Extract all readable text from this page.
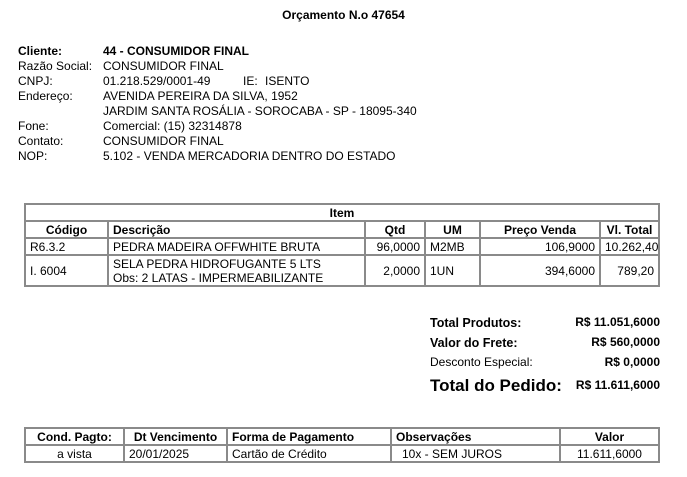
Orçamento N.o 47654
Cliente:	44 - CONSUMIDOR FINAL
Razão Social: CONSUMIDOR FINAL
CNPJ:	01.218.529/0001-49	IE: ISENTO
Endereço:	AVENIDA PEREIRA DA SILVA, 1952
JARDIM SANTA ROSÁLIA - SOROCABA - SP - 18095-340
Fone:	Comercial: (15) 32314878
Contato:	CONSUMIDOR FINAL
NOP:	5.102 - VENDA MERCADORIA DENTRO DO ESTADO
Item					
Código	Descrição	Qtd	UM	Preço Venda	Vl. Total
R6.3.2	PEDRA MADEIRA OFFWHITE BRUTA	96,0000	M2MB	106,9000	10.262,40
I. 6004	SELA PEDRA HIDROFUGANTE 5 LTS
Obs: 2 LATAS - IMPERMEABILIZANTE	2,0000	1UN	394,6000	789,20
Total Produtos:	R$ 11.051,6000
Valor do Frete:	R$ 560,0000
Desconto Especial:	R$ 0,0000
Total do Pedido: R$ 11.611,6000
Cond. Pagto:	Dt Vencimento	Forma de Pagamento	Observações	Valor
a vista	20/01/2025	Cartão de Crédito	10x - SEM JUROS	11.611,6000
